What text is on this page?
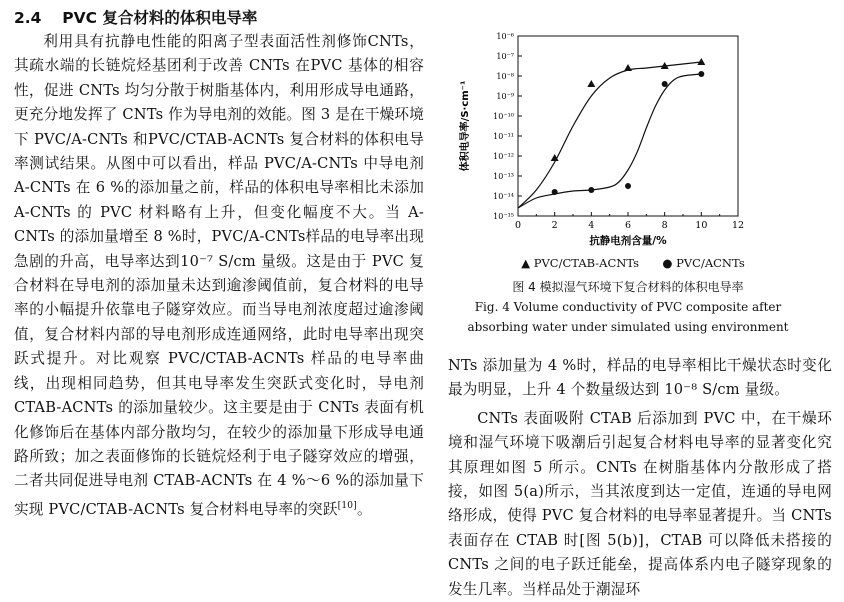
2.4 PVC 复合材料的体积电导率

利用具有抗静电性能的阳离子型表面活性剂修饰CNTs，其疏水端的长链烷烃基团利于改善 CNTs 在PVC 基体的相容性，促进 CNTs 均匀分散于树脂基体内，利用形成导电通路，更充分地发挥了 CNTs 作为导电剂的效能。图 3 是在干燥环境下 PVC/A-CNTs 和PVC/CTAB-ACNTs 复合材料的体积电导率测试结果。从图中可以看出，样品 PVC/A-CNTs 中导电剂A-CNTs 在 6 %的添加量之前，样品的体积电导率相比未添加 A-CNTs 的 PVC 材料略有上升，但变化幅度不大。当 A-CNTs 的添加量增至 8 %时，PVC/A-CNTs样品的电导率出现急剧的升高，电导率达到10⁻⁷ S/cm 量级。这是由于 PVC 复合材料在导电剂的添加量未达到逾渗阈值前，复合材料的电导率的小幅提升依靠电子隧穿效应。而当导电剂浓度超过逾渗阈值，复合材料内部的导电剂形成连通网络，此时电导率出现突跃式提升。对比观察 PVC/CTAB-ACNTs 样品的电导率曲线，出现相同趋势，但其电导率发生突跃式变化时，导电剂 CTAB-ACNTs 的添加量较少。这主要是由于 CNTs 表面有机化修饰后在基体内部分散均匀，在较少的添加量下形成导电通路所致；加之表面修饰的长链烷烃利于电子隧穿效应的增强，二者共同促进导电剂 CTAB-ACNTs 在 4 %～6 %的添加量下实现 PVC/CTAB-ACNTs 复合材料电导率的突跃[10]。

0	2	4	6	8	10	12
10⁻⁶
10⁻⁷
10⁻⁸
10⁻⁹
10⁻¹⁰
10⁻¹¹
10⁻¹²
10⁻¹³
10⁻¹⁴
10⁻¹⁵
抗静电剂含量/%
体积电导率/S·cm⁻¹
▲ PVC/CTAB-ACNTs ● PVC/ACNTs
图 4 模拟湿气环境下复合材料的体积电导率
Fig. 4 Volume conductivity of PVC composite after
absorbing water under simulated using environment

NTs 添加量为 4 %时，样品的电导率相比干燥状态时变化最为明显，上升 4 个数量级达到 10⁻⁸ S/cm 量级。

CNTs 表面吸附 CTAB 后添加到 PVC 中，在干燥环境和湿气环境下吸潮后引起复合材料电导率的显著变化究其原理如图 5 所示。CNTs 在树脂基体内分散形成了搭接，如图 5(a)所示，当其浓度到达一定值，连通的导电网络形成，使得 PVC 复合材料的电导率显著提升。当 CNTs 表面存在 CTAB 时[图 5(b)]，CTAB 可以降低未搭接的 CNTs 之间的电子跃迁能垒，提高体系内电子隧穿现象的发生几率。当样品处于潮湿环
